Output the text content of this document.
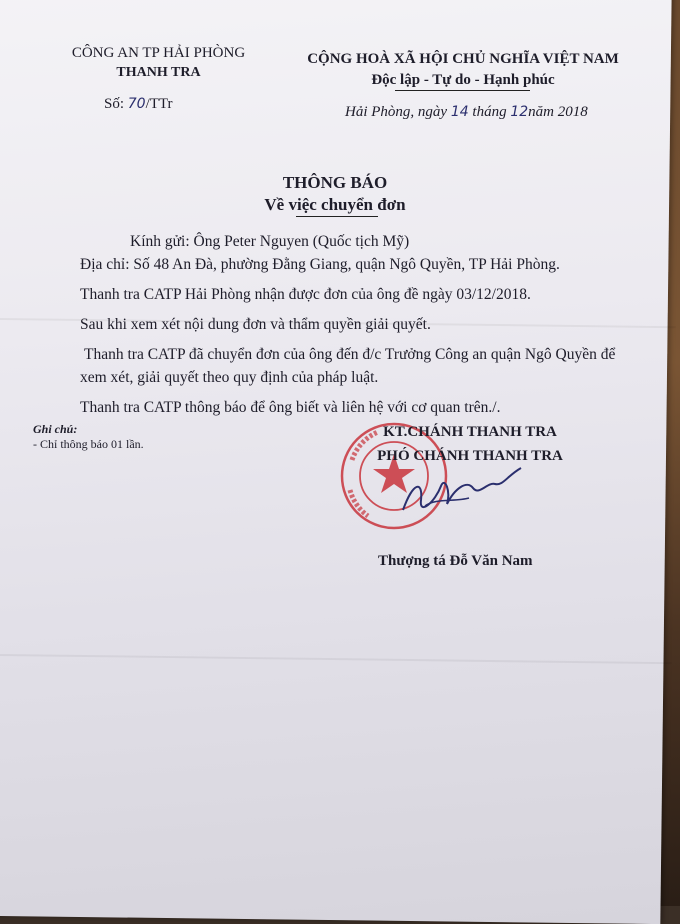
CÔNG AN TP HẢI PHÒNG
THANH TRA
Số: 70/TTr
CỘNG HOÀ XÃ HỘI CHỦ NGHĨA VIỆT NAM
Độc lập - Tự do - Hạnh phúc
Hải Phòng, ngày 14 tháng 12năm 2018
THÔNG BÁO
Về việc chuyển đơn
Kính gửi: Ông Peter Nguyen (Quốc tịch Mỹ)

Địa chỉ: Số 48 An Đà, phường Đằng Giang, quận Ngô Quyền, TP Hải Phòng.

Thanh tra CATP Hải Phòng nhận được đơn của ông đề ngày 03/12/2018.

Sau khi xem xét nội dung đơn và thẩm quyền giải quyết.

Thanh tra CATP đã chuyển đơn của ông đến đ/c Trưởng Công an quận Ngô Quyền để xem xét, giải quyết theo quy định của pháp luật.

Thanh tra CATP thông báo để ông biết và liên hệ với cơ quan trên./.

Ghi chú:
- Chỉ thông báo 01 lần.
KT.CHÁNH THANH TRA
PHÓ CHÁNH THANH TRA
Thượng tá Đỗ Văn Nam
